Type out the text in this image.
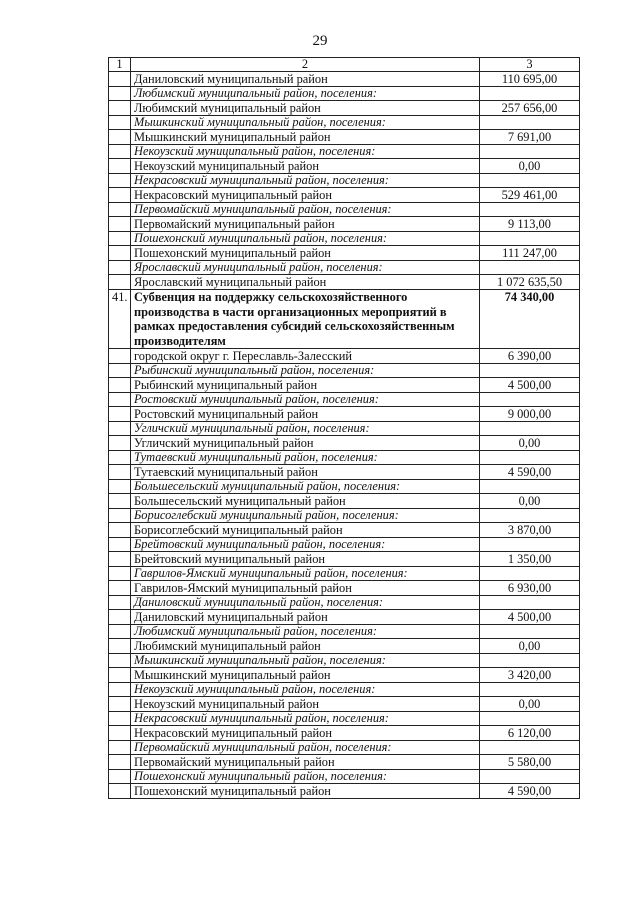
29
1	2	3
	Даниловский муниципальный район	110 695,00
	Любимский муниципальный район, поселения:	
	Любимский муниципальный район	257 656,00
	Мышкинский муниципальный район, поселения:	
	Мышкинский муниципальный район	7 691,00
	Некоузский муниципальный район, поселения:	
	Некоузский муниципальный район	0,00
	Некрасовский муниципальный район, поселения:	
	Некрасовский муниципальный район	529 461,00
	Первомайский муниципальный район, поселения:	
	Первомайский муниципальный район	9 113,00
	Пошехонский муниципальный район, поселения:	
	Пошехонский муниципальный район	111 247,00
	Ярославский муниципальный район, поселения:	
	Ярославский муниципальный район	1 072 635,50
41.	Субвенция на поддержку сельскохозяйственного производства в части организационных мероприятий в рамках предоставления субсидий сельскохозяйственным производителям	74 340,00
	городской округ г. Переславль-Залесский	6 390,00
	Рыбинский муниципальный район, поселения:	
	Рыбинский муниципальный район	4 500,00
	Ростовский муниципальный район, поселения:	
	Ростовский муниципальный район	9 000,00
	Угличский муниципальный район, поселения:	
	Угличский муниципальный район	0,00
	Тутаевский муниципальный район, поселения:	
	Тутаевский муниципальный район	4 590,00
	Большесельский муниципальный район, поселения:	
	Большесельский муниципальный район	0,00
	Борисоглебский муниципальный район, поселения:	
	Борисоглебский муниципальный район	3 870,00
	Брейтовский муниципальный район, поселения:	
	Брейтовский муниципальный район	1 350,00
	Гаврилов-Ямский муниципальный район, поселения:	
	Гаврилов-Ямский муниципальный район	6 930,00
	Даниловский муниципальный район, поселения:	
	Даниловский муниципальный район	4 500,00
	Любимский муниципальный район, поселения:	
	Любимский муниципальный район	0,00
	Мышкинский муниципальный район, поселения:	
	Мышкинский муниципальный район	3 420,00
	Некоузский муниципальный район, поселения:	
	Некоузский муниципальный район	0,00
	Некрасовский муниципальный район, поселения:	
	Некрасовский муниципальный район	6 120,00
	Первомайский муниципальный район, поселения:	
	Первомайский муниципальный район	5 580,00
	Пошехонский муниципальный район, поселения:	
	Пошехонский муниципальный район	4 590,00
